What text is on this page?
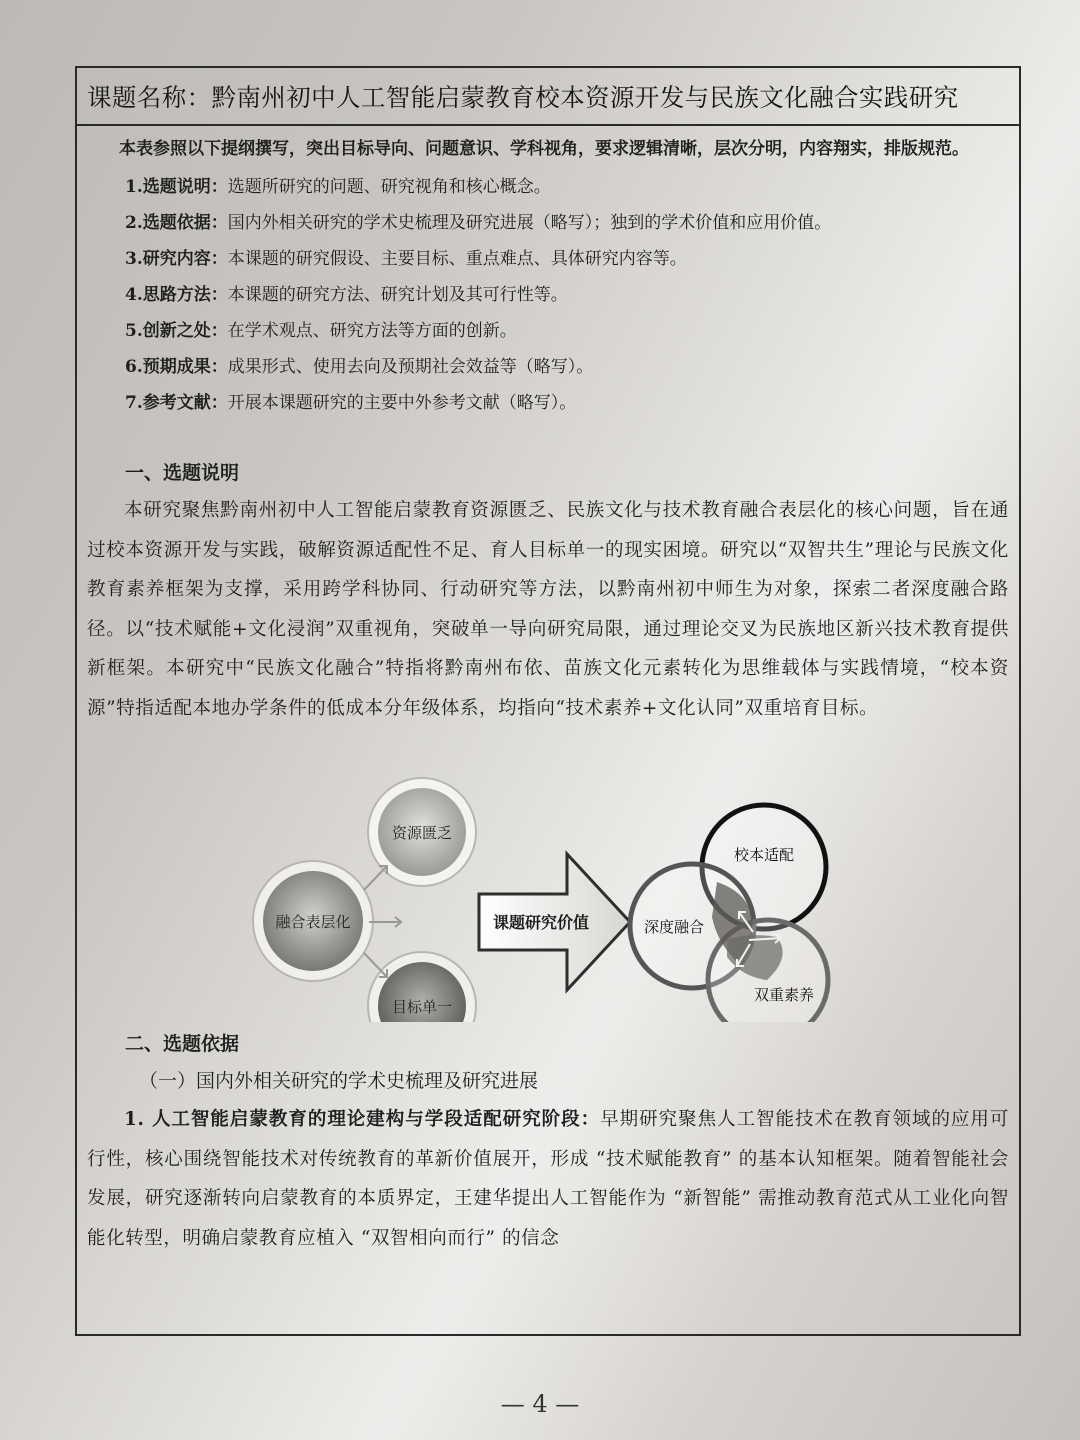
课题名称：黔南州初中人工智能启蒙教育校本资源开发与民族文化融合实践研究

本表参照以下提纲撰写，突出目标导向、问题意识、学科视角，要求逻辑清晰，层次分明，内容翔实，排版规范。

1.选题说明：选题所研究的问题、研究视角和核心概念。
2.选题依据：国内外相关研究的学术史梳理及研究进展（略写）；独到的学术价值和应用价值。
3.研究内容：本课题的研究假设、主要目标、重点难点、具体研究内容等。
4.思路方法：本课题的研究方法、研究计划及其可行性等。
5.创新之处：在学术观点、研究方法等方面的创新。
6.预期成果：成果形式、使用去向及预期社会效益等（略写）。
7.参考文献：开展本课题研究的主要中外参考文献（略写）。
一、选题说明

本研究聚焦黔南州初中人工智能启蒙教育资源匮乏、民族文化与技术教育融合表层化的核心问题，旨在通过校本资源开发与实践，破解资源适配性不足、育人目标单一的现实困境。研究以“双智共生”理论与民族文化教育素养框架为支撑，采用跨学科协同、行动研究等方法，以黔南州初中师生为对象，探索二者深度融合路径。以“技术赋能+文化浸润”双重视角，突破单一导向研究局限，通过理论交叉为民族地区新兴技术教育提供新框架。本研究中“民族文化融合”特指将黔南州布依、苗族文化元素转化为思维载体与实践情境，“校本资源”特指适配本地办学条件的低成本分年级体系，均指向“技术素养+文化认同”双重培育目标。

融合表层化
资源匮乏
目标单一
课题研究价值
校本适配
深度融合
双重素养
二、选题依据

（一）国内外相关研究的学术史梳理及研究进展

1. 人工智能启蒙教育的理论建构与学段适配研究阶段：早期研究聚焦人工智能技术在教育领域的应用可行性，核心围绕智能技术对传统教育的革新价值展开，形成 “技术赋能教育” 的基本认知框架。随着智能社会发展，研究逐渐转向启蒙教育的本质界定，王建华提出人工智能作为 “新智能” 需推动教育范式从工业化向智能化转型，明确启蒙教育应植入 “双智相向而行” 的信念

— 4 —
